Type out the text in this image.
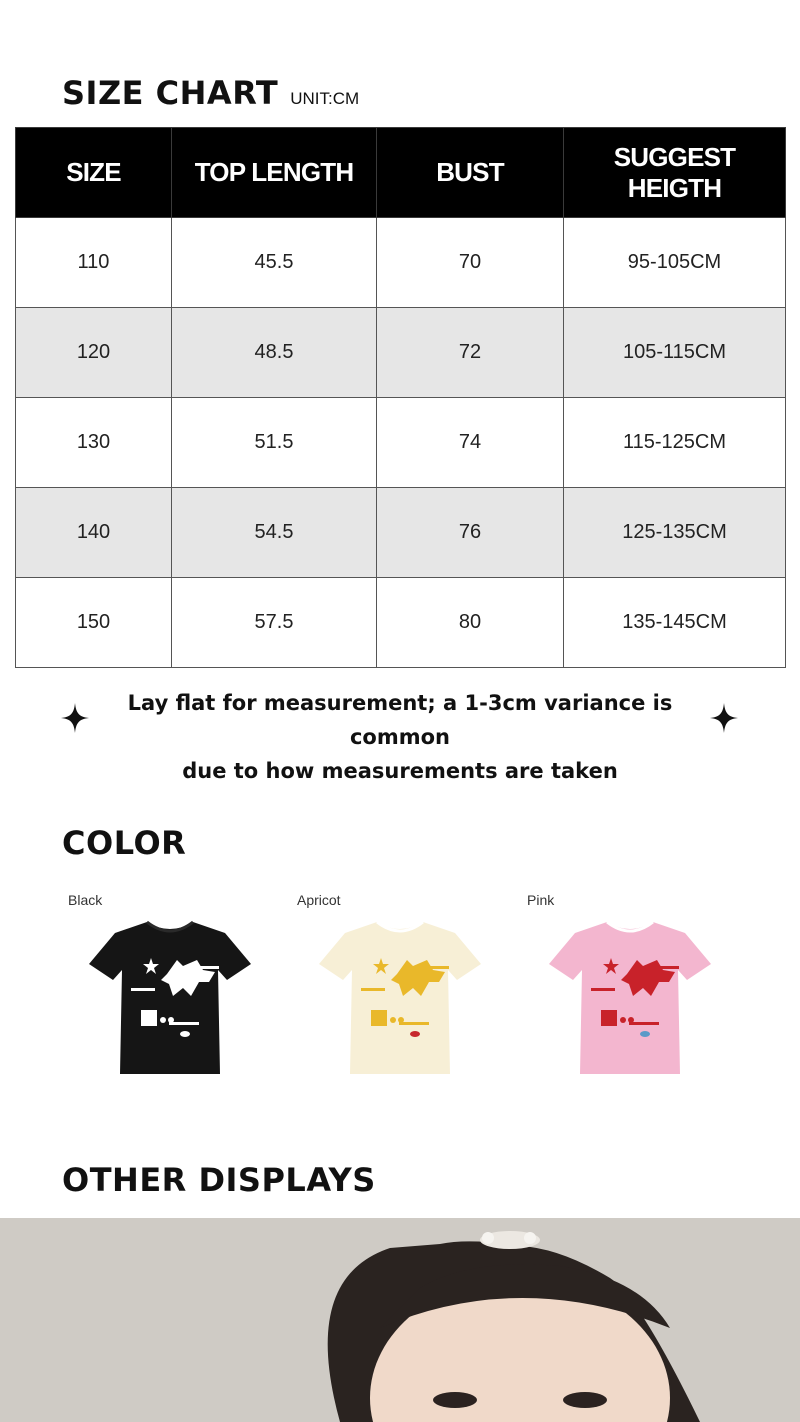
SIZE CHART UNIT:CM
SIZE	TOP LENGTH	BUST	SUGGEST HEIGTH
110	45.5	70	95-105CM
120	48.5	72	105-115CM
130	51.5	74	115-125CM
140	54.5	76	125-135CM
150	57.5	80	135-145CM
Lay flat for measurement; a 1-3cm variance is common
due to how measurements are taken
COLOR
Black	Apricot	Pink
OTHER DISPLAYS
